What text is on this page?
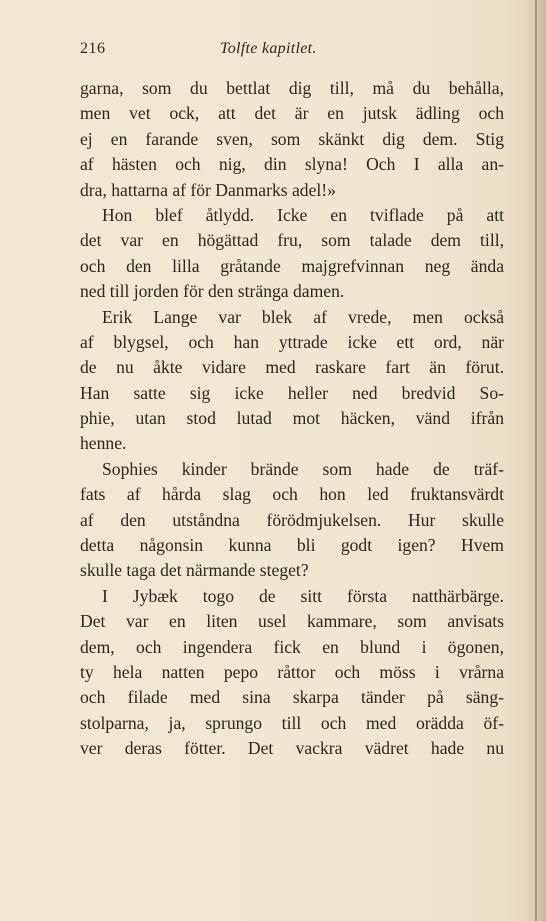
216	Tolfte kapitlet.
garna, som du bettlat dig till, må du behålla,
men vet ock, att det är en jutsk ädling och
ej en farande sven, som skänkt dig dem. Stig
af hästen och nig, din slyna! Och I alla an-
dra, hattarna af för Danmarks adel!»
Hon blef åtlydd. Icke en tviflade på att
det var en högättad fru, som talade dem till,
och den lilla gråtande majgrefvinnan neg ända
ned till jorden för den stränga damen.
Erik Lange var blek af vrede, men också
af blygsel, och han yttrade icke ett ord, när
de nu åkte vidare med raskare fart än förut.
Han satte sig icke heller ned bredvid So-
phie, utan stod lutad mot häcken, vänd ifrån
henne.
Sophies kinder brände som hade de träf-
fats af hårda slag och hon led fruktansvärdt
af den utståndna förödmjukelsen. Hur skulle
detta någonsin kunna bli godt igen? Hvem
skulle taga det närmande steget?
I Jybæk togo de sitt första natthärbärge.
Det var en liten usel kammare, som anvisats
dem, och ingendera fick en blund i ögonen,
ty hela natten pepo råttor och möss i vrårna
och filade med sina skarpa tänder på säng-
stolparna, ja, sprungo till och med orädda öf-
ver deras fötter. Det vackra vädret hade nu
